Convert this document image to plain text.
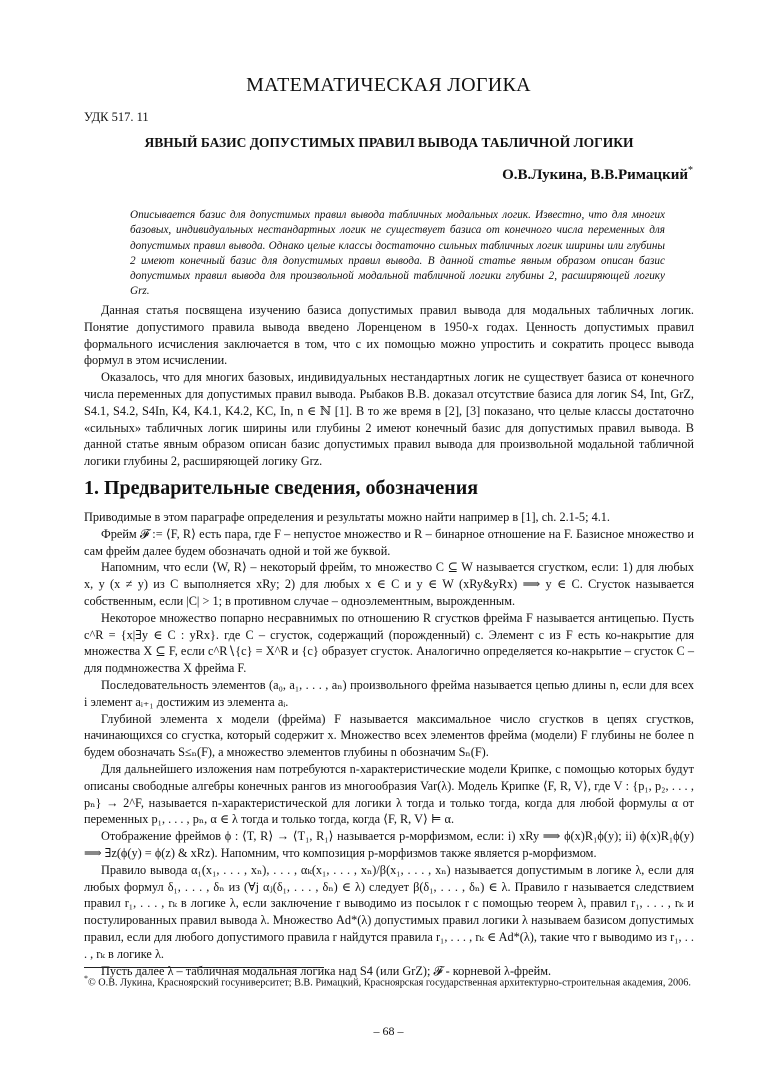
МАТЕМАТИЧЕСКАЯ ЛОГИКА
УДК 517. 11
ЯВНЫЙ БАЗИС ДОПУСТИМЫХ ПРАВИЛ ВЫВОДА ТАБЛИЧНОЙ ЛОГИКИ
О.В.Лукина, В.В.Римацкий*
Описывается базис для допустимых правил вывода табличных модальных логик. Известно, что для многих базовых, индивидуальных нестандартных логик не существует базиса от конечного числа переменных для допустимых правил вывода. Однако целые классы достаточно сильных табличных логик ширины или глубины 2 имеют конечный базис для допустимых правил вывода. В данной статье явным образом описан базис допустимых правил вывода для произвольной модальной табличной логики глубины 2, расширяющей логику Grz.

Данная статья посвящена изучению базиса допустимых правил вывода для модальных табличных логик. Понятие допустимого правила вывода введено Лоренценом в 1950-х годах. Ценность допустимых правил формального исчисления заключается в том, что с их помощью можно упростить и сократить процесс вывода формул в этом исчислении.

Оказалось, что для многих базовых, индивидуальных нестандартных логик не существует базиса от конечного числа переменных для допустимых правил вывода. Рыбаков В.В. доказал отсутствие базиса для логик S4, Int, GrZ, S4.1, S4.2, S4In, K4, K4.1, K4.2, KC, In, n ∈ ℕ [1]. В то же время в [2], [3] показано, что целые классы достаточно «сильных» табличных логик ширины или глубины 2 имеют конечный базис для допустимых правил вывода. В данной статье явным образом описан базис допустимых правил вывода для произвольной модальной табличной логики глубины 2, расширяющей логику Grz.

1. Предварительные сведения, обозначения

Приводимые в этом параграфе определения и результаты можно найти например в [1], ch. 2.1-5; 4.1.

Фрейм 𝓕 := ⟨F, R⟩ есть пара, где F – непустое множество и R – бинарное отношение на F. Базисное множество и сам фрейм далее будем обозначать одной и той же буквой.

Напомним, что если ⟨W, R⟩ – некоторый фрейм, то множество C ⊆ W называется сгустком, если: 1) для любых x, y (x ≠ y) из C выполняется xRy; 2) для любых x ∈ C и y ∈ W (xRy&yRx) ⟹ y ∈ C. Сгусток называется собственным, если |C| > 1; в противном случае – одноэлементным, вырожденным.

Некоторое множество попарно несравнимых по отношению R сгустков фрейма F называется антицепью. Пусть c^R = {x|∃y ∈ C : yRx}. где C – сгусток, содержащий (порожденный) c. Элемент c из F есть ко-накрытие для множества X ⊆ F, если c^R∖{c} = X^R и {c} образует сгусток. Аналогично определяется ко-накрытие – сгусток C – для подмножества X фрейма F.

Последовательность элементов (a₀, a₁, . . . , aₙ) произвольного фрейма называется цепью длины n, если для всех i элемент aᵢ₊₁ достижим из элемента aᵢ.

Глубиной элемента x модели (фрейма) F называется максимальное число сгустков в цепях сгустков, начинающихся со сгустка, который содержит x. Множество всех элементов фрейма (модели) F глубины не более n будем обозначать S≤ₙ(F), а множество элементов глубины n обозначим Sₙ(F).

Для дальнейшего изложения нам потребуются n-характеристические модели Крипке, с помощью которых будут описаны свободные алгебры конечных рангов из многообразия Var(λ). Модель Крипке ⟨F, R, V⟩, где V : {p₁, p₂, . . . , pₙ} → 2^F, называется n-характеристической для логики λ тогда и только тогда, когда для любой формулы α от переменных p₁, . . . , pₙ, α ∈ λ тогда и только тогда, когда ⟨F, R, V⟩ ⊨ α.

Отображение фреймов ϕ : ⟨T, R⟩ → ⟨T₁, R₁⟩ называется p-морфизмом, если: i) xRy ⟹ ϕ(x)R₁ϕ(y); ii) ϕ(x)R₁ϕ(y) ⟹ ∃z(ϕ(y) = ϕ(z) & xRz). Напомним, что композиция p-морфизмов также является p-морфизмом.

Правило вывода α₁(x₁, . . . , xₙ), . . . , αₖ(x₁, . . . , xₙ)/β(x₁, . . . , xₙ) называется допустимым в логике λ, если для любых формул δ₁, . . . , δₙ из (∀j αⱼ(δ₁, . . . , δₙ) ∈ λ) следует β(δ₁, . . . , δₙ) ∈ λ. Правило r называется следствием правил r₁, . . . , rₖ в логике λ, если заключение r выводимо из посылок r с помощью теорем λ, правил r₁, . . . , rₖ и постулированных правил вывода λ. Множество Ad*(λ) допустимых правил логики λ называем базисом допустимых правил, если для любого допустимого правила r найдутся правила r₁, . . . , rₖ ∈ Ad*(λ), такие что r выводимо из r₁, . . . , rₖ в логике λ.

Пусть далее λ – табличная модальная логика над S4 (или GrZ); 𝓕 - корневой λ-фрейм.

*© О.В. Лукина, Красноярский госуниверситет; В.В. Римацкий, Красноярская государственная архитектурно-строительная академия, 2006.
– 68 –
